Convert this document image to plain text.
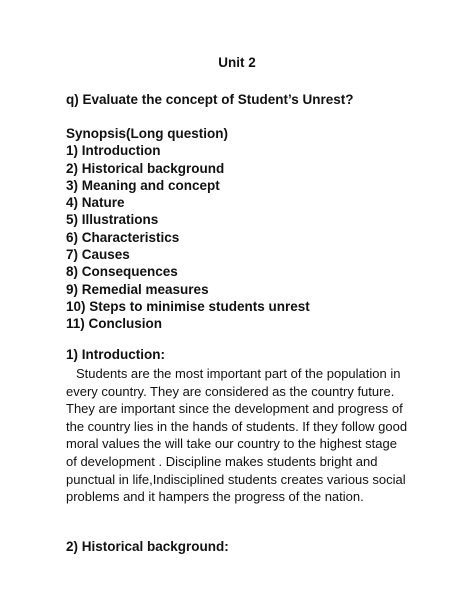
Unit 2
q) Evaluate the concept of Student’s Unrest?
Synopsis(Long question)
1) Introduction
2) Historical background
3) Meaning and concept
4) Nature
5) Illustrations
6) Characteristics
7) Causes
8) Consequences
9) Remedial measures
10) Steps to minimise students unrest
11) Conclusion
1) Introduction:
Students are the most important part of the population in
every country. They are considered as the country future.
They are important since the development and progress of
the country lies in the hands of students. If they follow good
moral values the will take our country to the highest stage
of development . Discipline makes students bright and
punctual in life,Indisciplined students creates various social
problems and it hampers the progress of the nation.
2) Historical background:
